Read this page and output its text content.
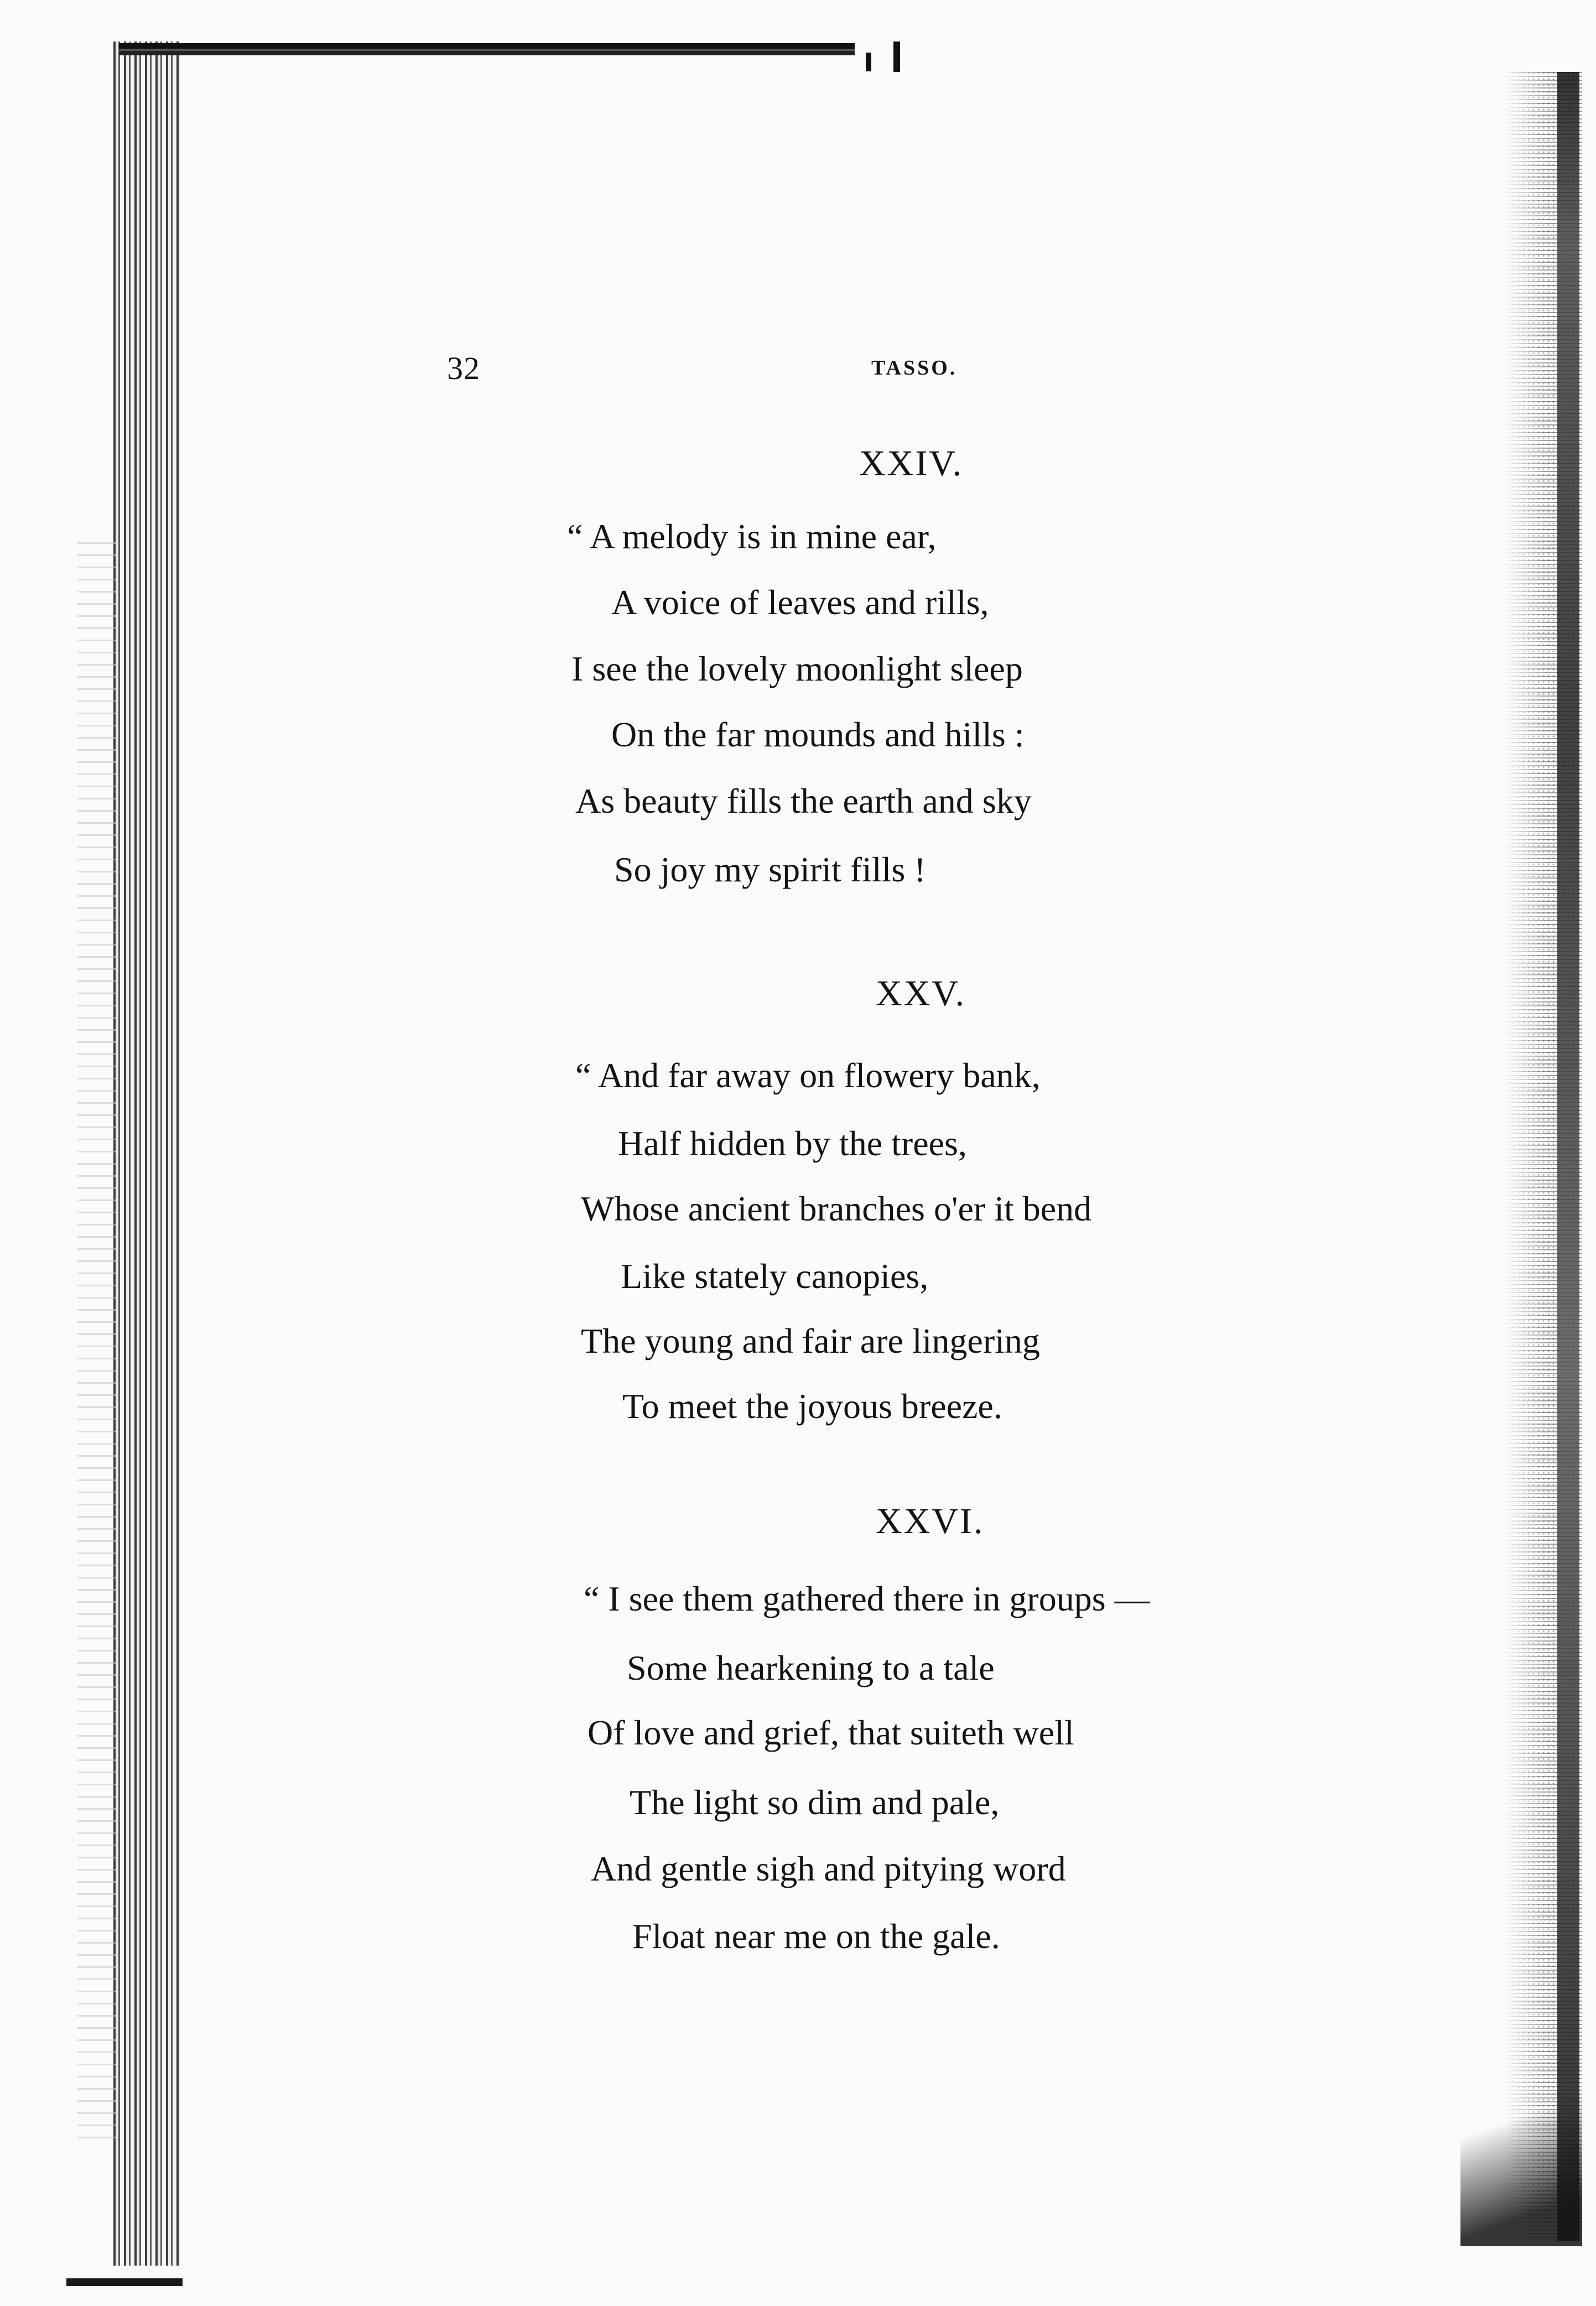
32	TASSO.
XXIV.
“ A melody is in mine ear,
A voice of leaves and rills,
I see the lovely moonlight sleep
On the far mounds and hills :
As beauty fills the earth and sky
So joy my spirit fills !
XXV.
“ And far away on flowery bank,
Half hidden by the trees,
Whose ancient branches o'er it bend
Like stately canopies,
The young and fair are lingering
To meet the joyous breeze.
XXVI.
“ I see them gathered there in groups —
Some hearkening to a tale
Of love and grief, that suiteth well
The light so dim and pale,
And gentle sigh and pitying word
Float near me on the gale.
